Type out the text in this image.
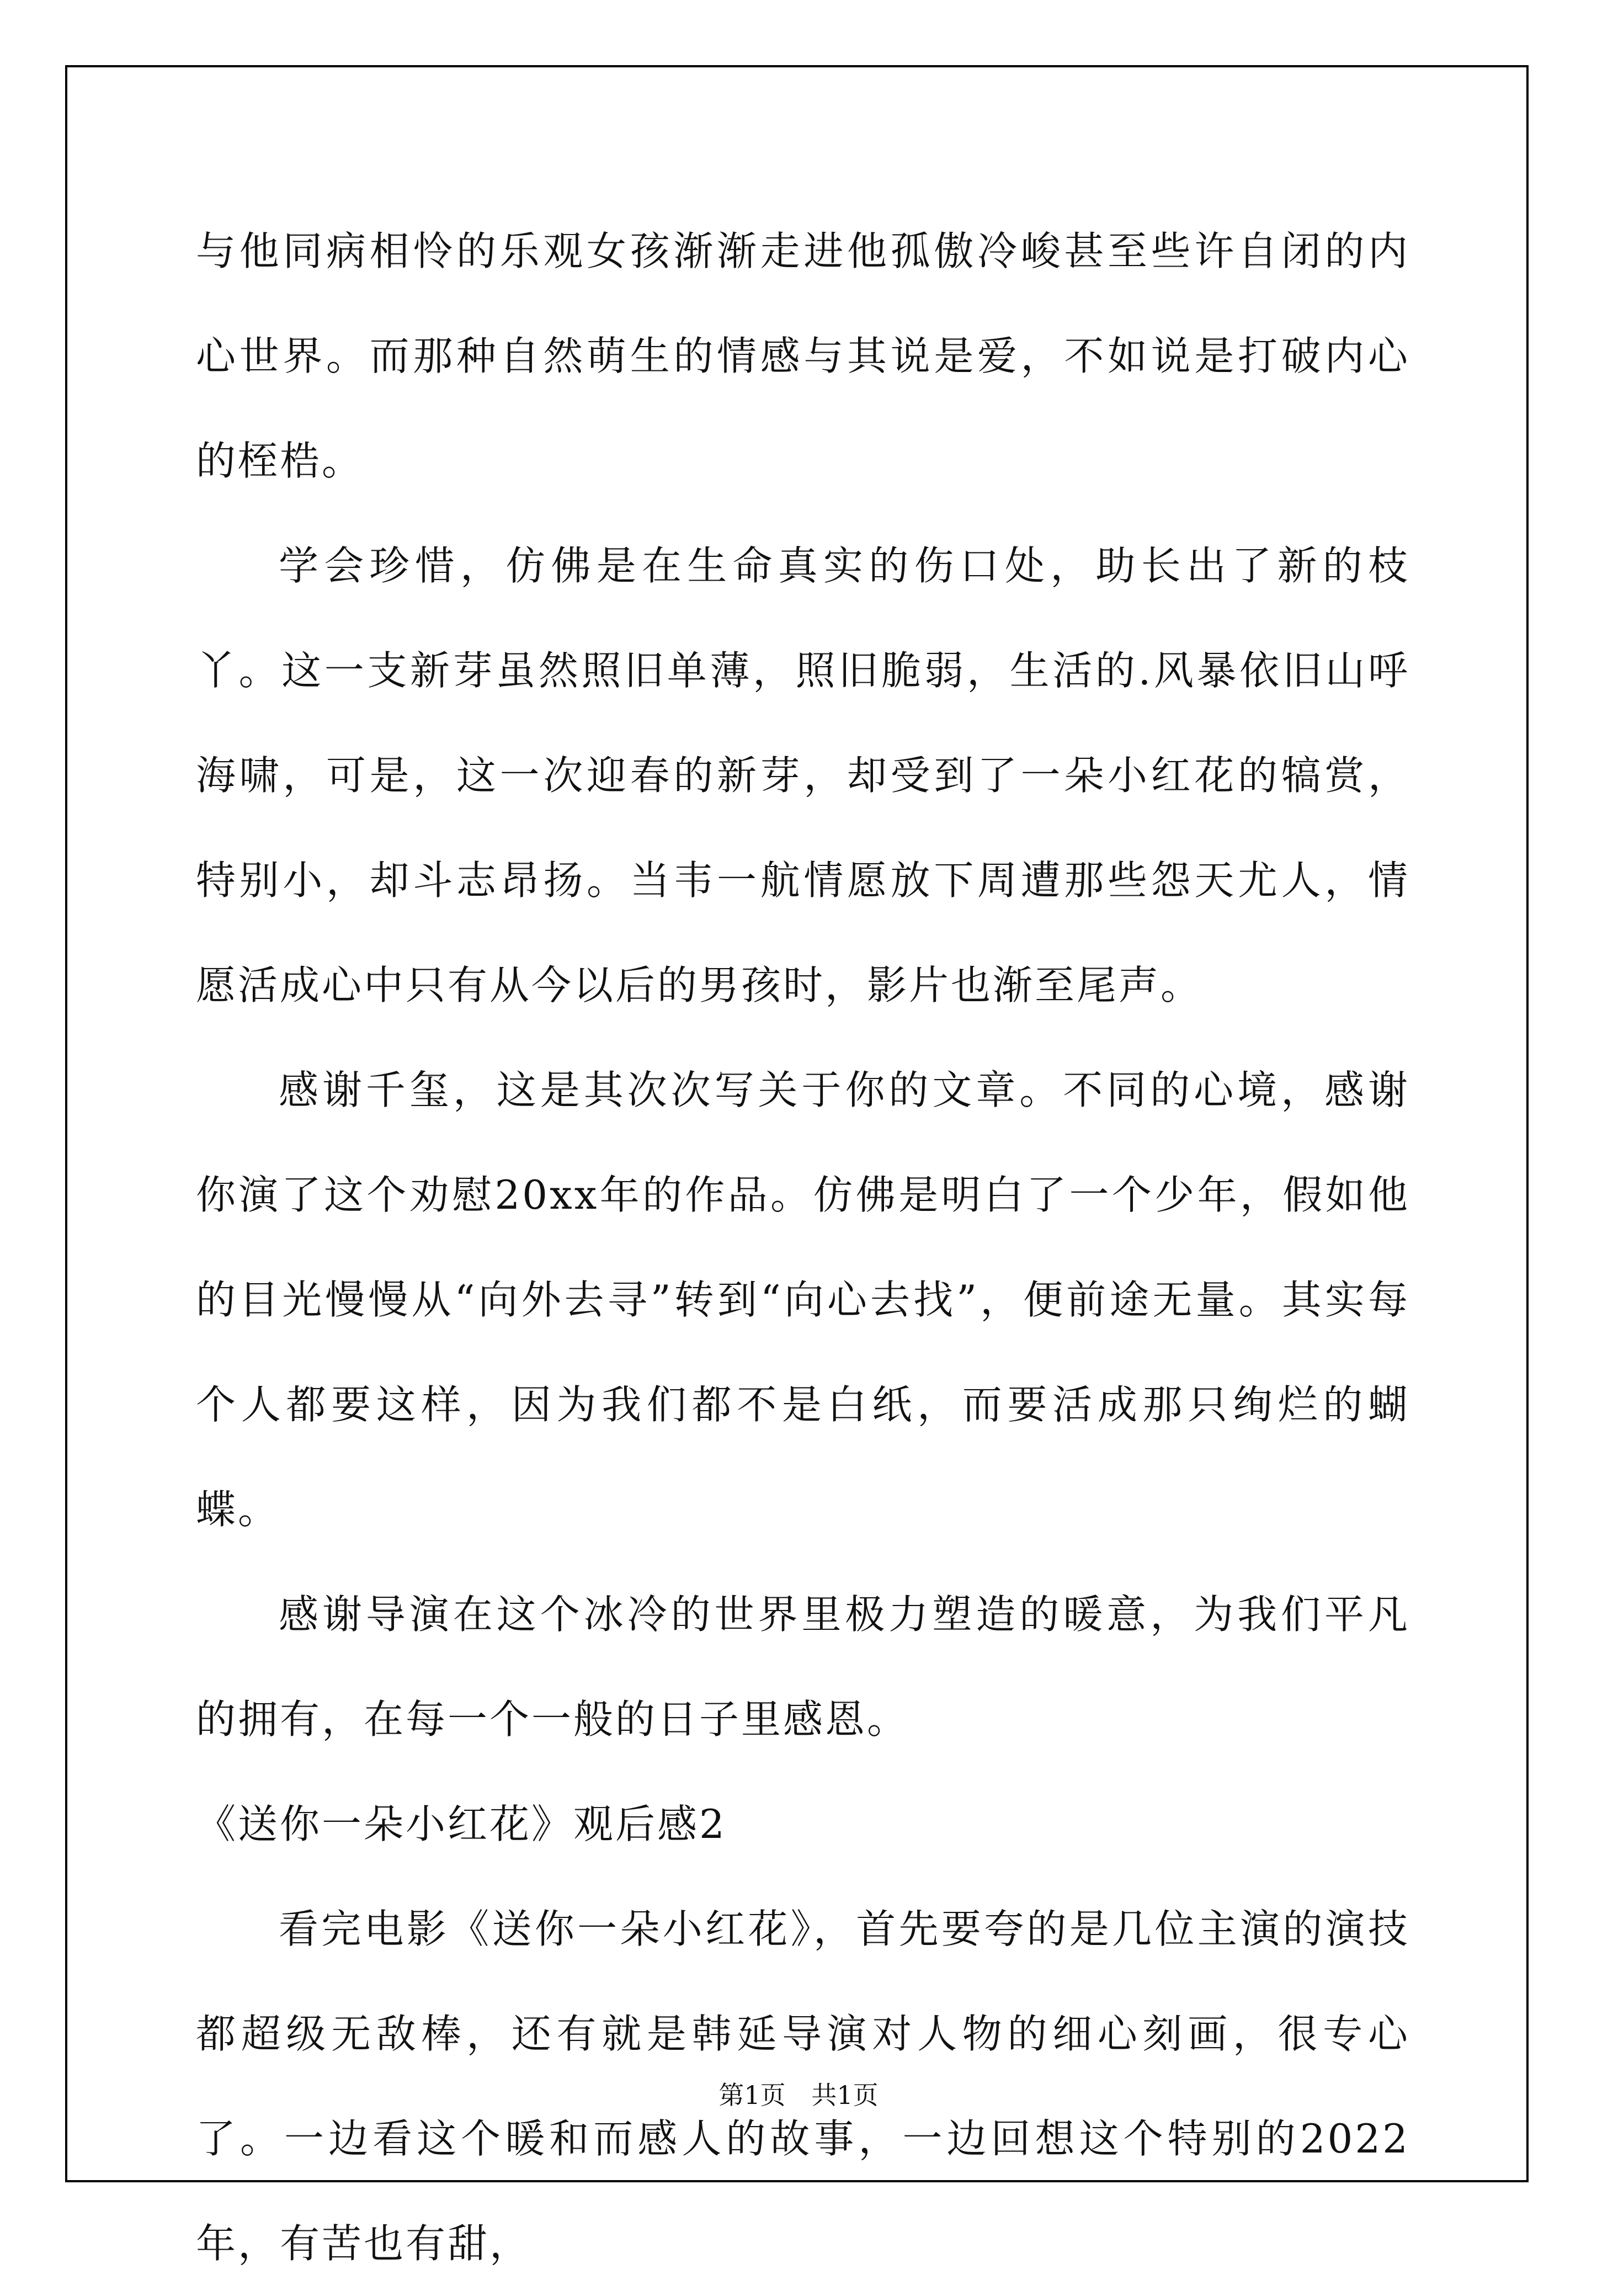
与他同病相怜的乐观女孩渐渐走进他孤傲冷峻甚至些许自闭的内心世界。而那种自然萌生的情感与其说是爱，不如说是打破内心的桎梏。

学会珍惜，仿佛是在生命真实的伤口处，助长出了新的枝丫。这一支新芽虽然照旧单薄，照旧脆弱，生活的.风暴依旧山呼海啸，可是，这一次迎春的新芽，却受到了一朵小红花的犒赏，特别小，却斗志昂扬。当韦一航情愿放下周遭那些怨天尤人，情愿活成心中只有从今以后的男孩时，影片也渐至尾声。

感谢千玺，这是其次次写关于你的文章。不同的心境，感谢你演了这个劝慰20xx年的作品。仿佛是明白了一个少年，假如他的目光慢慢从“向外去寻”转到“向心去找”，便前途无量。其实每个人都要这样，因为我们都不是白纸，而要活成那只绚烂的蝴蝶。

感谢导演在这个冰冷的世界里极力塑造的暖意，为我们平凡的拥有，在每一个一般的日子里感恩。

《送你一朵小红花》观后感2

看完电影《送你一朵小红花》，首先要夸的是几位主演的演技都超级无敌棒，还有就是韩延导演对人物的细心刻画，很专心了。一边看这个暖和而感人的故事，一边回想这个特别的2022年，有苦也有甜，

第1页 共1页
